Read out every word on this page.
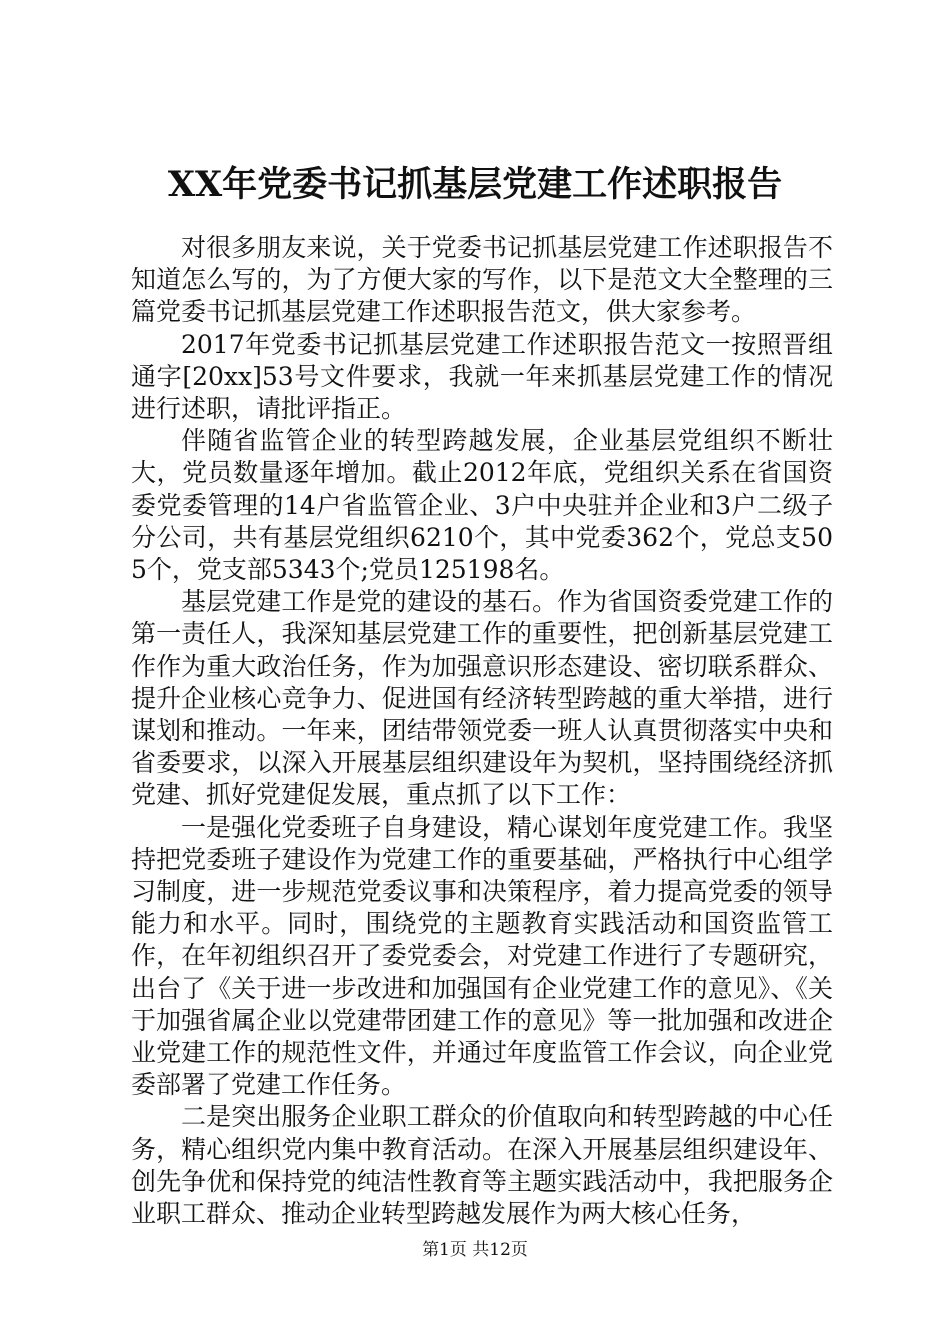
XX年党委书记抓基层党建工作述职报告

对很多朋友来说，关于党委书记抓基层党建工作述职报告不知道怎么写的，为了方便大家的写作，以下是范文大全整理的三篇党委书记抓基层党建工作述职报告范文，供大家参考。

2017年党委书记抓基层党建工作述职报告范文一按照晋组通字[20xx]53号文件要求，我就一年来抓基层党建工作的情况进行述职，请批评指正。

伴随省监管企业的转型跨越发展，企业基层党组织不断壮大，党员数量逐年增加。截止2012年底，党组织关系在省国资委党委管理的14户省监管企业、3户中央驻并企业和3户二级子分公司，共有基层党组织6210个，其中党委362个，党总支505个，党支部5343个;党员125198名。

基层党建工作是党的建设的基石。作为省国资委党建工作的第一责任人，我深知基层党建工作的重要性，把创新基层党建工作作为重大政治任务，作为加强意识形态建设、密切联系群众、提升企业核心竞争力、促进国有经济转型跨越的重大举措，进行谋划和推动。一年来，团结带领党委一班人认真贯彻落实中央和省委要求，以深入开展基层组织建设年为契机，坚持围绕经济抓党建、抓好党建促发展，重点抓了以下工作：

一是强化党委班子自身建设，精心谋划年度党建工作。我坚持把党委班子建设作为党建工作的重要基础，严格执行中心组学习制度，进一步规范党委议事和决策程序，着力提高党委的领导能力和水平。同时，围绕党的主题教育实践活动和国资监管工作，在年初组织召开了委党委会，对党建工作进行了专题研究，出台了《关于进一步改进和加强国有企业党建工作的意见》、《关于加强省属企业以党建带团建工作的意见》等一批加强和改进企业党建工作的规范性文件，并通过年度监管工作会议，向企业党委部署了党建工作任务。

二是突出服务企业职工群众的价值取向和转型跨越的中心任务，精心组织党内集中教育活动。在深入开展基层组织建设年、创先争优和保持党的纯洁性教育等主题实践活动中，我把服务企业职工群众、推动企业转型跨越发展作为两大核心任务，

第1页 共12页
